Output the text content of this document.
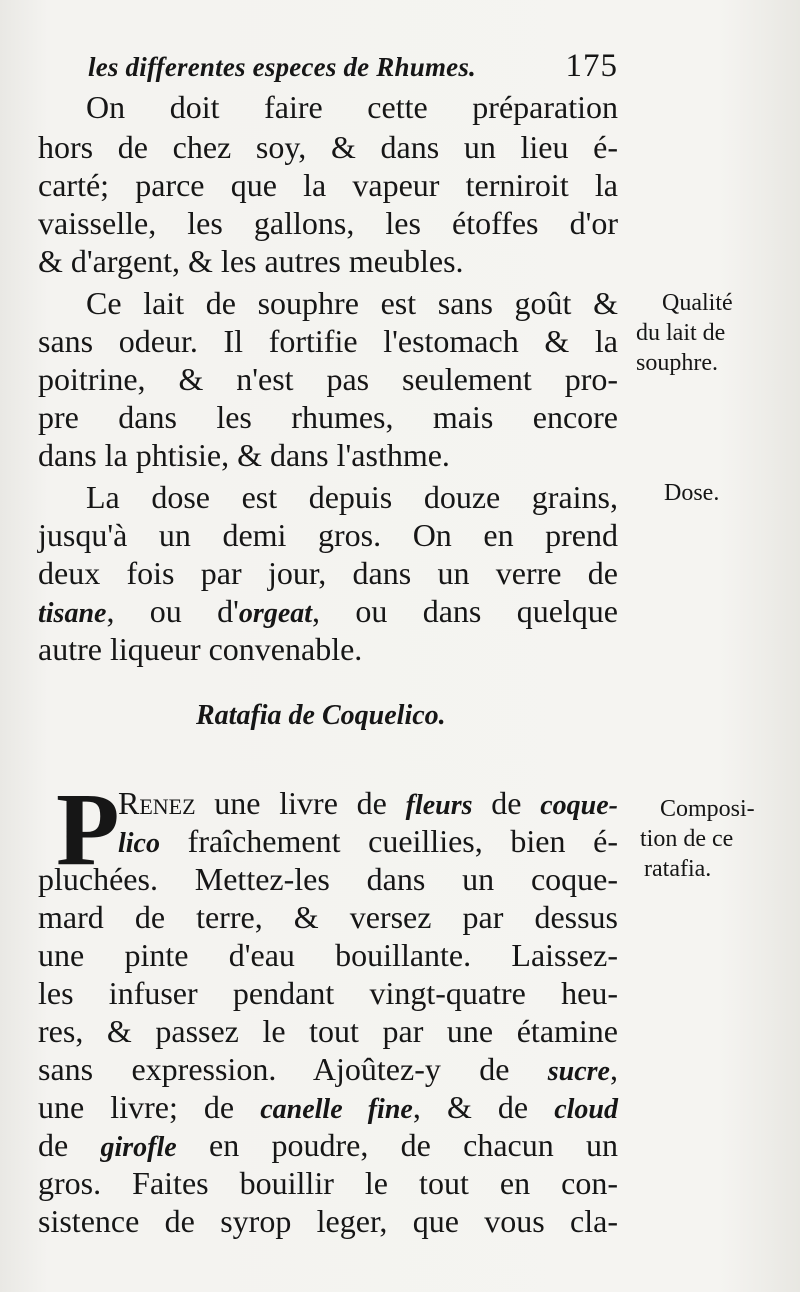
les differentes especes de Rhumes.	175
On doit faire cette préparation
hors de chez soy, & dans un lieu é-
carté; parce que la vapeur terniroit la
vaisselle, les gallons, les étoffes d'or
& d'argent, & les autres meubles.
Ce lait de souphre est sans goût &
sans odeur. Il fortifie l'estomach & la
poitrine, & n'est pas seulement pro-
pre dans les rhumes, mais encore
dans la phtisie, & dans l'asthme.
La dose est depuis douze grains,
jusqu'à un demi gros. On en prend
deux fois par jour, dans un verre de
tisane, ou d'orgeat, ou dans quelque
autre liqueur convenable.
Ratafia de Coquelico.
P
Renez une livre de fleurs de coque-
lico fraîchement cueillies, bien é-
pluchées. Mettez-les dans un coque-
mard de terre, & versez par dessus
une pinte d'eau bouillante. Laissez-
les infuser pendant vingt-quatre heu-
res, & passez le tout par une étamine
sans expression. Ajoûtez-y de sucre,
une livre; de canelle fine, & de cloud
de girofle en poudre, de chacun un
gros. Faites bouillir le tout en con-
sistence de syrop leger, que vous cla-
Qualité
du lait de
souphre.
Dose.
Composi-
tion de ce
ratafia.
